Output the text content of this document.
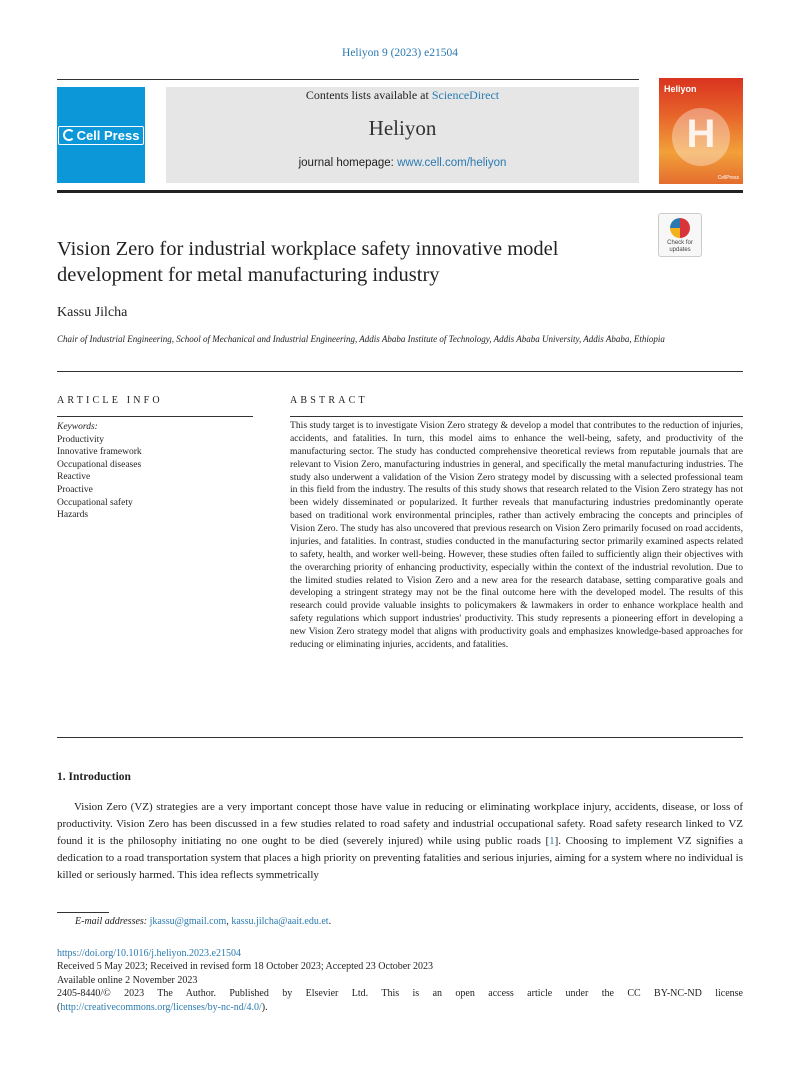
Heliyon 9 (2023) e21504
Cell Press
Contents lists available at ScienceDirect
Heliyon
journal homepage: www.cell.com/heliyon
Heliyon
H
CellPress
Check for updates
Vision Zero for industrial workplace safety innovative model development for metal manufacturing industry
Kassu Jilcha
Chair of Industrial Engineering, School of Mechanical and Industrial Engineering, Addis Ababa Institute of Technology, Addis Ababa University, Addis Ababa, Ethiopia
ARTICLE INFO	ABSTRACT
Keywords:
Productivity
Innovative framework
Occupational diseases
Reactive
Proactive
Occupational safety
Hazards
This study target is to investigate Vision Zero strategy & develop a model that contributes to the reduction of injuries, accidents, and fatalities. In turn, this model aims to enhance the well-being, safety, and productivity of the manufacturing sector. The study has conducted comprehensive theoretical reviews from reputable journals that are relevant to Vision Zero, manufacturing industries in general, and specifically the metal manufacturing industries. The study also underwent a validation of the Vision Zero strategy model by discussing with a selected professional team in this field from the industry. The results of this study shows that research related to the Vision Zero strategy has not been widely disseminated or popularized. It further reveals that manufacturing industries predominantly operate based on traditional work environmental principles, rather than actively embracing the concepts and principles of Vision Zero. The study has also uncovered that previous research on Vision Zero primarily focused on road accidents, injuries, and fatalities. In contrast, studies conducted in the manufacturing sector primarily examined aspects related to safety, health, and worker well-being. However, these studies often failed to sufficiently align their objectives with the overarching priority of enhancing productivity, especially within the context of the industrial revolution. Due to the limited studies related to Vision Zero and a new area for the research database, setting comparative goals and developing a stringent strategy may not be the final outcome here with the developed model. The results of this research could provide valuable insights to policymakers & lawmakers in order to enhance workplace health and safety regulations which support industries' productivity. This study represents a pioneering effort in developing a new Vision Zero strategy model that aligns with productivity goals and emphasizes knowledge-based approaches for reducing or eliminating injuries, accidents, and fatalities.
1. Introduction
Vision Zero (VZ) strategies are a very important concept those have value in reducing or eliminating workplace injury, accidents, disease, or loss of productivity. Vision Zero has been discussed in a few studies related to road safety and industrial occupational safety. Road safety research linked to VZ found it is the philosophy initiating no one ought to be died (severely injured) while using public roads [1]. Choosing to implement VZ signifies a dedication to a road transportation system that places a high priority on preventing fatalities and serious injuries, aiming for a system where no individual is killed or seriously harmed. This idea reflects symmetrically
E-mail addresses: jkassu@gmail.com, kassu.jilcha@aait.edu.et.
https://doi.org/10.1016/j.heliyon.2023.e21504
Received 5 May 2023; Received in revised form 18 October 2023; Accepted 23 October 2023
Available online 2 November 2023
2405-8440/© 2023 The Author. Published by Elsevier Ltd. This is an open access article under the CC BY-NC-ND license
(http://creativecommons.org/licenses/by-nc-nd/4.0/).
